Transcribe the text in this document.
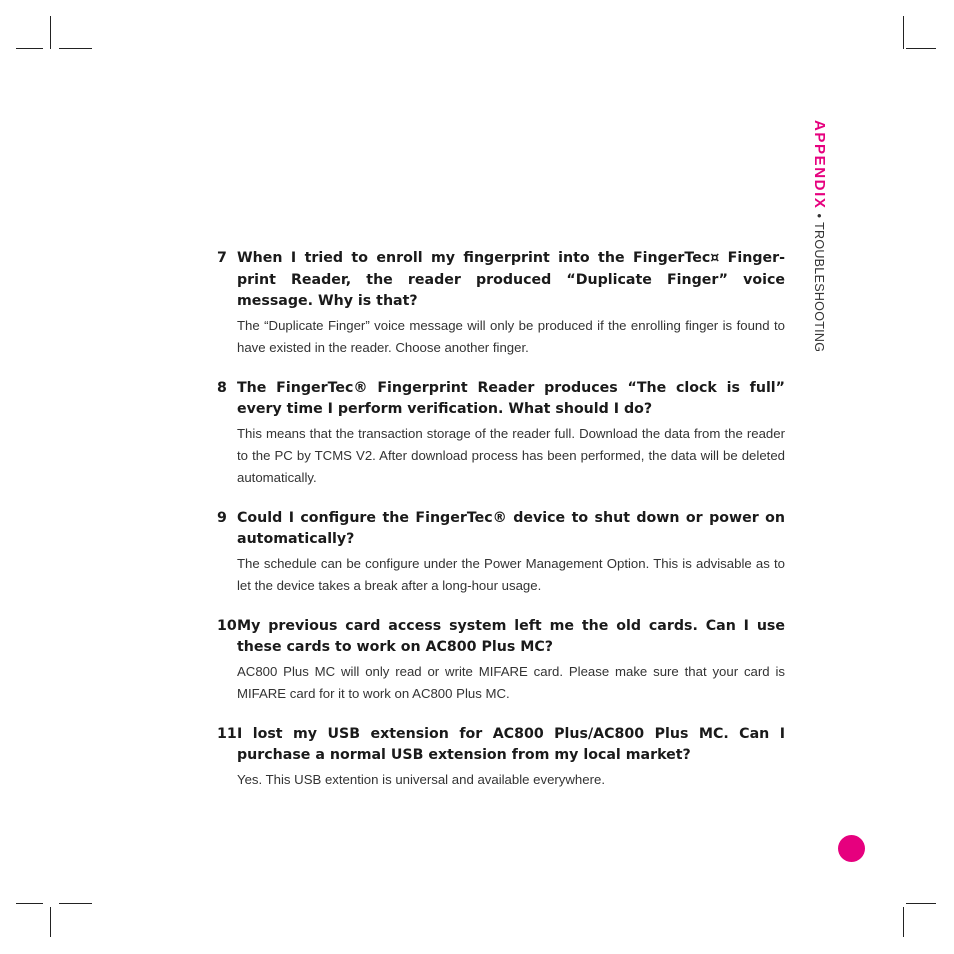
APPENDIX
•
TROUBLESHOOTING
7 When I tried to enroll my fingerprint into the FingerTec¤ Finger-print Reader, the reader produced “Duplicate Finger” voice message. Why is that?
The “Duplicate Finger” voice message will only be produced if the enrolling finger is found to have existed in the reader. Choose another finger.
8 The FingerTec® Fingerprint Reader produces “The clock is full” every time I perform verification. What should I do?
This means that the transaction storage of the reader full. Download the data from the reader to the PC by TCMS V2. After download process has been performed, the data will be deleted automatically.
9 Could I configure the FingerTec® device to shut down or power on automatically?
The schedule can be configure under the Power Management Option. This is advisable as to let the device takes a break after a long-hour usage.
10 My previous card access system left me the old cards. Can I use these cards to work on AC800 Plus MC?
AC800 Plus MC will only read or write MIFARE card. Please make sure that your card is MIFARE card for it to work on AC800 Plus MC.
11 I lost my USB extension for AC800 Plus/AC800 Plus MC. Can I purchase a normal USB extension from my local market?
Yes. This USB extention is universal and available everywhere.
